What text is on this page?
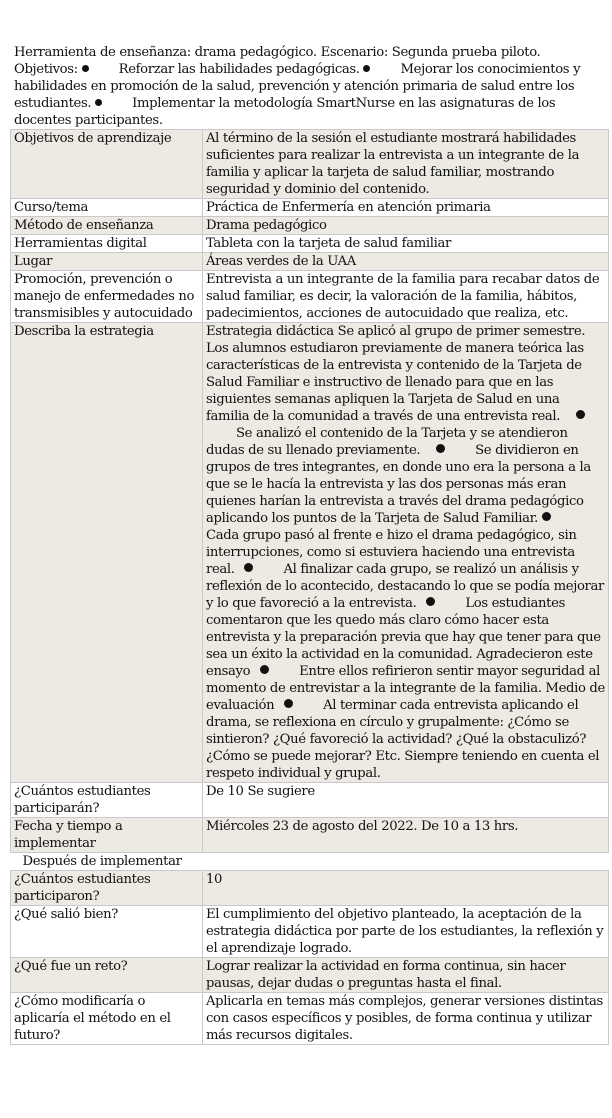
Herramienta de enseñanza: drama pedagógico. Escenario: Segunda prueba piloto. Objetivos:	Reforzar las habilidades pedagógicas.	Mejorar los conocimientos y habilidades en promoción de la salud, prevención y atención primaria de salud entre los estudiantes.	Implementar la metodología SmartNurse en las asignaturas de los docentes participantes.
Objetivos de aprendizaje	Al término de la sesión el estudiante mostrará habilidades suficientes para realizar la entrevista a un integrante de la familia y aplicar la tarjeta de salud familiar, mostrando seguridad y dominio del contenido.
Curso/tema	Práctica de Enfermería en atención primaria
Método de enseñanza	Drama pedagógico
Herramientas digital	Tableta con la tarjeta de salud familiar
Lugar	Áreas verdes de la UAA
Promoción, prevención o manejo de enfermedades no transmisibles y autocuidado	Entrevista a un integrante de la familia para recabar datos de salud familiar, es decir, la valoración de la familia, hábitos, padecimientos, acciones de autocuidado que realiza, etc.
Describa la estrategia	Estrategia didáctica Se aplicó al grupo de primer semestre. Los alumnos estudiaron previamente de manera teórica las características de la entrevista y contenido de la Tarjeta de Salud Familiar e instructivo de llenado para que en las siguientes semanas apliquen la Tarjeta de Salud en una familia de la comunidad a través de una entrevista real. Se analizó el contenido de la Tarjeta y se atendieron dudas de su llenado previamente. Se dividieron en grupos de tres integrantes, en donde uno era la persona a la que se le hacía la entrevista y las dos personas más eran quienes harían la entrevista a través del drama pedagógico aplicando los puntos de la Tarjeta de Salud Familiar. Cada grupo pasó al frente e hizo el drama pedagógico, sin interrupciones, como si estuviera haciendo una entrevista real. Al finalizar cada grupo, se realizó un análisis y reflexión de lo acontecido, destacando lo que se podía mejorar y lo que favoreció a la entrevista. Los estudiantes comentaron que les quedo más claro cómo hacer esta entrevista y la preparación previa que hay que tener para que sea un éxito la actividad en la comunidad. Agradecieron este ensayo Entre ellos refirieron sentir mayor seguridad al momento de entrevistar a la integrante de la familia. Medio de evaluación Al terminar cada entrevista aplicando el drama, se reflexiona en círculo y grupalmente: ¿Cómo se sintieron? ¿Qué favoreció la actividad? ¿Qué la obstaculizó? ¿Cómo se puede mejorar? Etc. Siempre teniendo en cuenta el respeto individual y grupal.
¿Cuántos estudiantes participarán?	De 10 Se sugiere
Fecha y tiempo a implementar	Miércoles 23 de agosto del 2022. De 10 a 13 hrs.
Después de implementar	
¿Cuántos estudiantes participaron?	10
¿Qué salió bien?	El cumplimiento del objetivo planteado, la aceptación de la estrategia didáctica por parte de los estudiantes, la reflexión y el aprendizaje logrado.
¿Qué fue un reto?	Lograr realizar la actividad en forma continua, sin hacer pausas, dejar dudas o preguntas hasta el final.
¿Cómo modificaría o aplicaría el método en el futuro?	Aplicarla en temas más complejos, generar versiones distintas con casos específicos y posibles, de forma continua y utilizar más recursos digitales.
